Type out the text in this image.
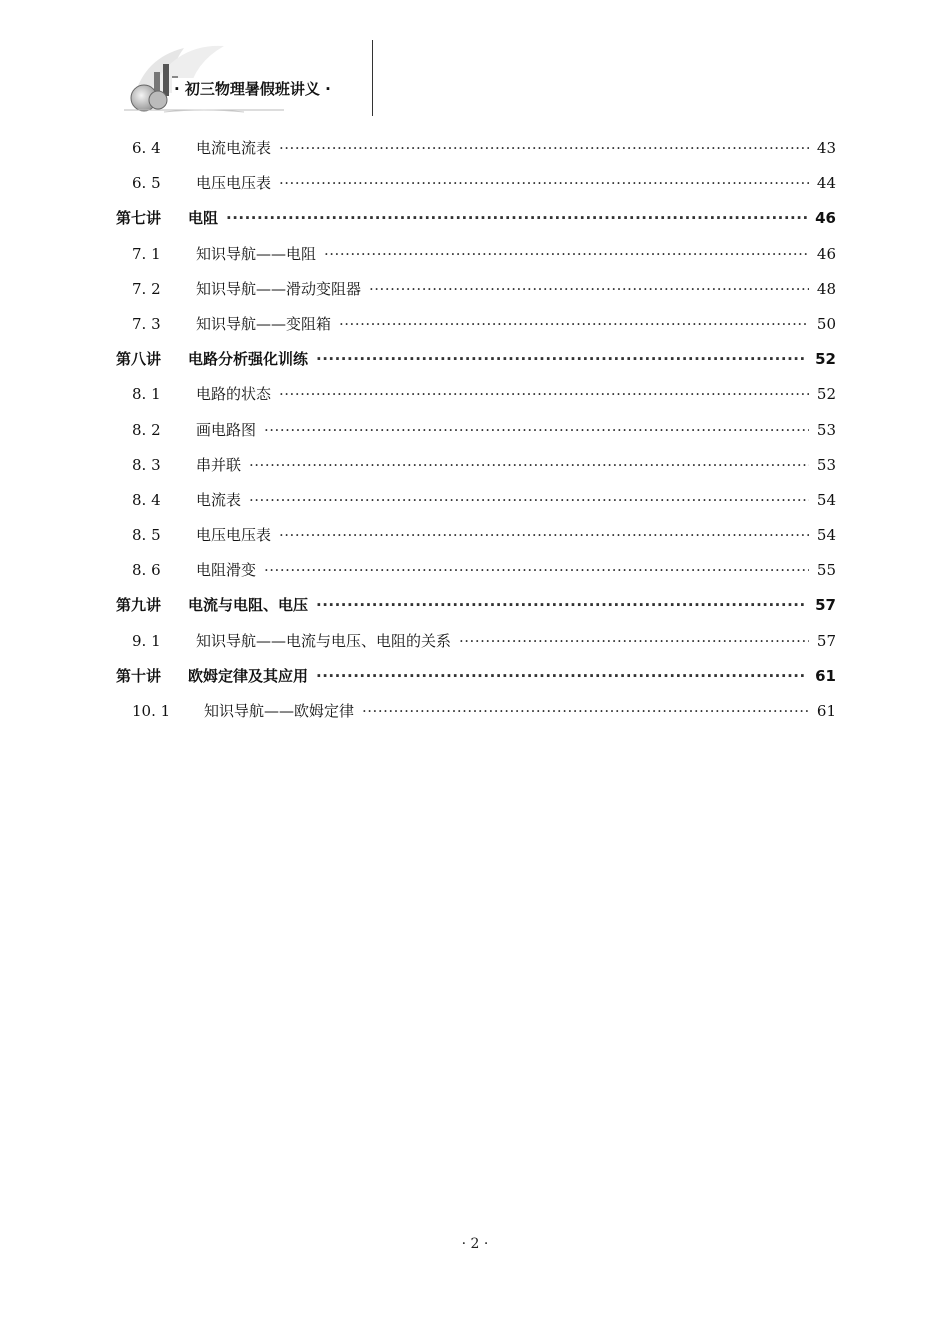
· 初三物理暑假班讲义 ·
6. 4	电流电流表 ·····	43
6. 5	电压电压表 ·····	44
第七讲	电阻 ·····	46
7. 1	知识导航——电阻 ·····	46
7. 2	知识导航——滑动变阻器 ·····	48
7. 3	知识导航——变阻箱 ·····	50
第八讲	电路分析强化训练 ·····	52
8. 1	电路的状态 ·····	52
8. 2	画电路图 ·····	53
8. 3	串并联 ·····	53
8. 4	电流表 ·····	54
8. 5	电压电压表 ·····	54
8. 6	电阻滑变 ·····	55
第九讲	电流与电阻、电压 ·····	57
9. 1	知识导航——电流与电压、电阻的关系 ·····	57
第十讲	欧姆定律及其应用 ·····	61
10. 1	知识导航——欧姆定律 ·····	61
· 2 ·
